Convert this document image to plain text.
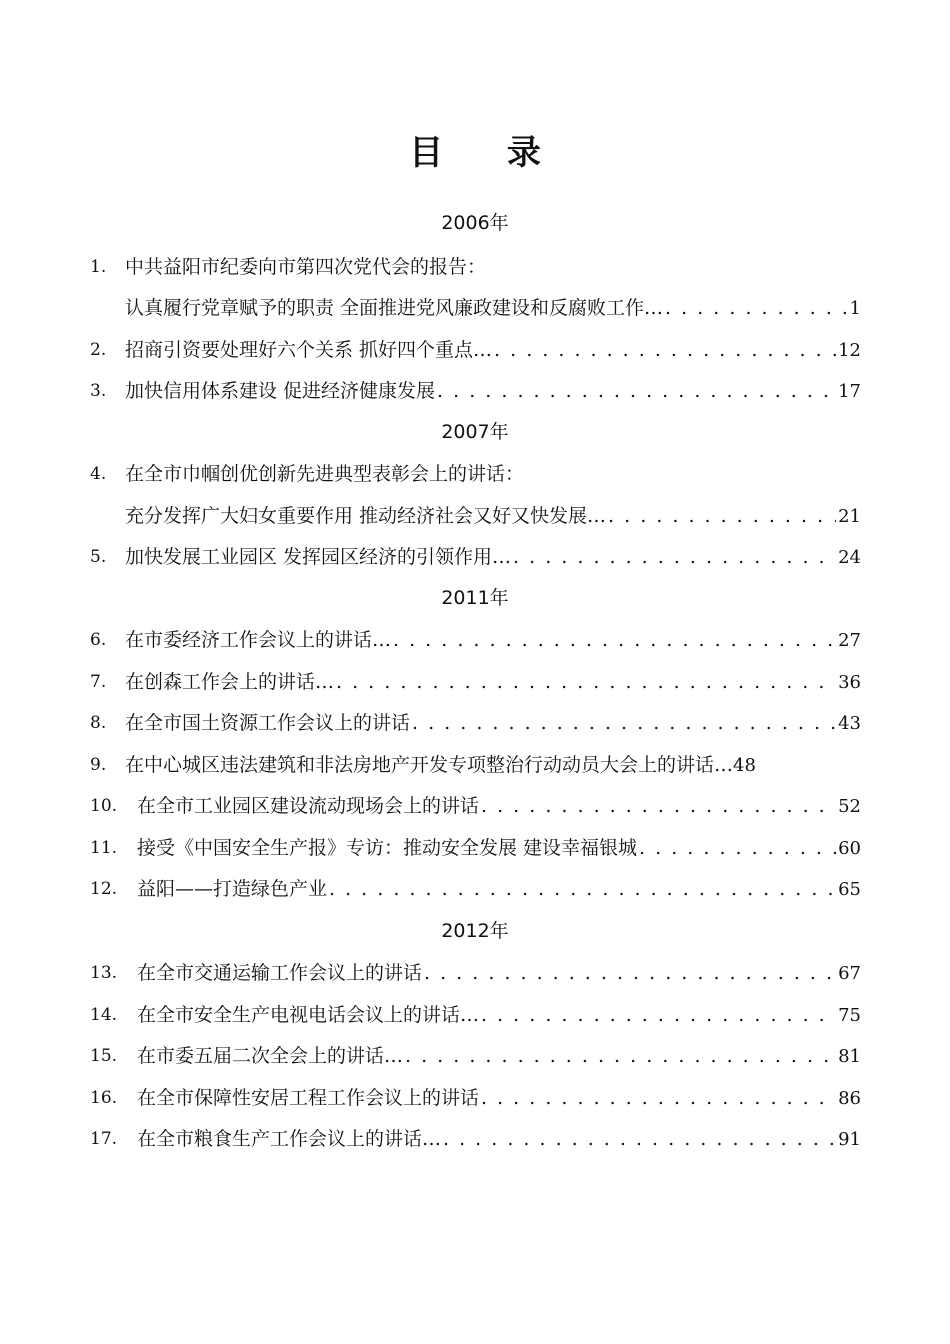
目 录
2006年
1. 中共益阳市纪委向市第四次党代会的报告：
认真履行党章赋予的职责 全面推进党风廉政建设和反腐败工作… . . .	1
2. 招商引资要处理好六个关系 抓好四个重点… . . .	12
3. 加快信用体系建设 促进经济健康发展 . . .	17
2007年
4. 在全市巾帼创优创新先进典型表彰会上的讲话：
充分发挥广大妇女重要作用 推动经济社会又好又快发展… . . .	21
5. 加快发展工业园区 发挥园区经济的引领作用… . . .	24
2011年
6. 在市委经济工作会议上的讲话… . . .	27
7. 在创森工作会上的讲话… . . .	36
8. 在全市国土资源工作会议上的讲话 . . .	43
9. 在中心城区违法建筑和非法房地产开发专项整治行动动员大会上的讲话… 48
10. 在全市工业园区建设流动现场会上的讲话 . . .	52
11. 接受《中国安全生产报》专访：推动安全发展 建设幸福银城 . . .	60
12. 益阳——打造绿色产业 . . .	65
2012年
13. 在全市交通运输工作会议上的讲话 . . .	67
14. 在全市安全生产电视电话会议上的讲话… . . .	75
15. 在市委五届二次全会上的讲话… . . .	81
16. 在全市保障性安居工程工作会议上的讲话 . . .	86
17. 在全市粮食生产工作会议上的讲话… . . .	91
